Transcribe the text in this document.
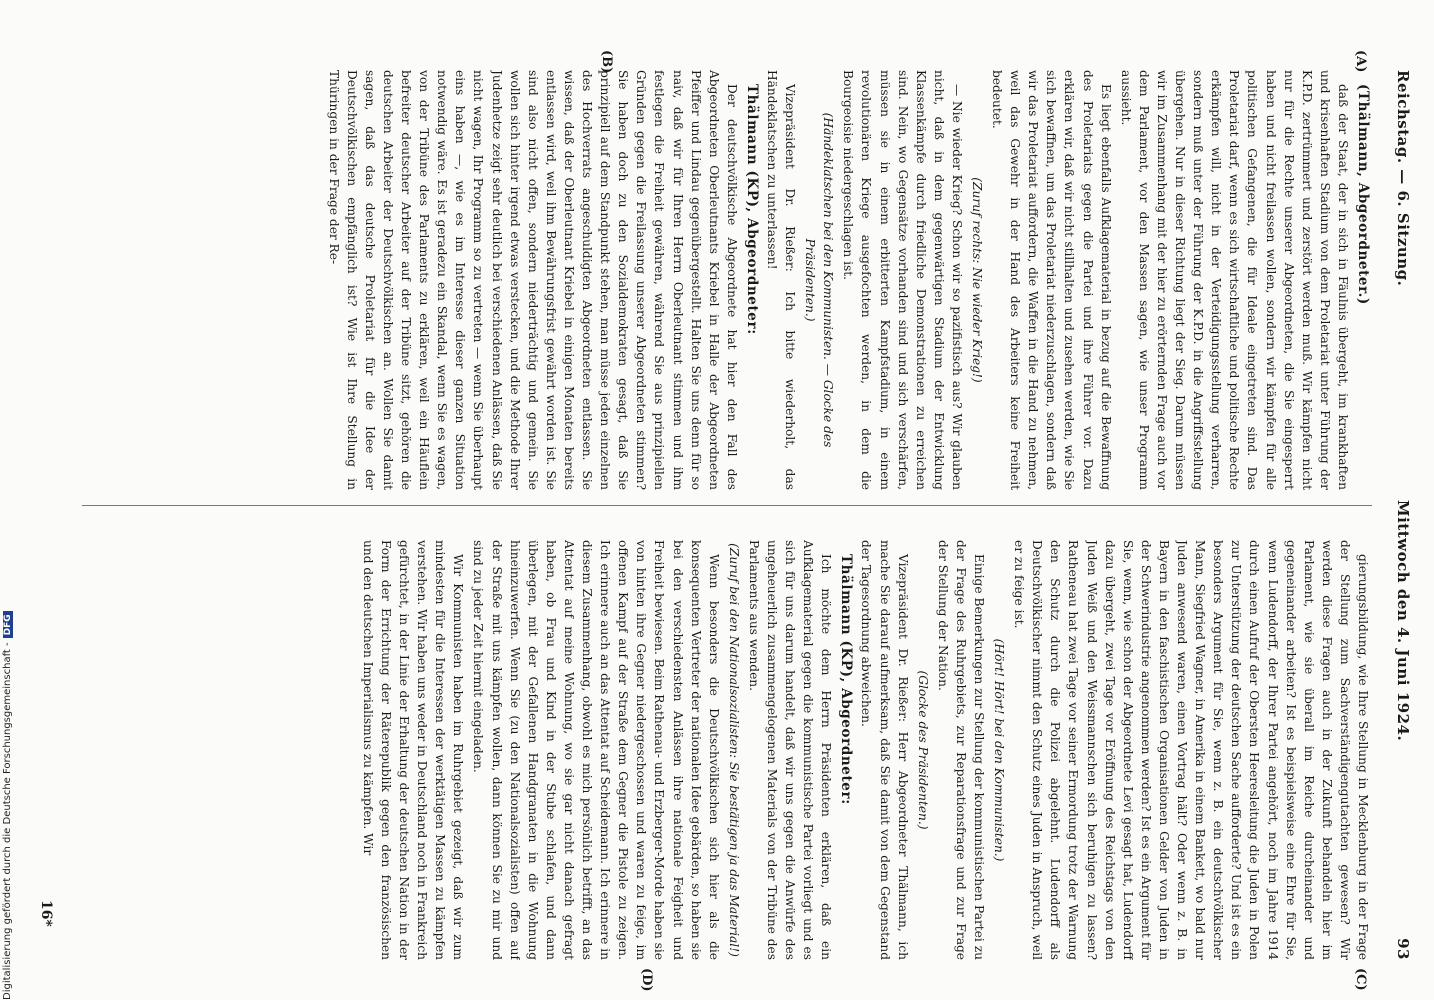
Reichstag. — 6. Sitzung.
Mittwoch den 4. Juni 1924.
93
(A)
(B)
(C)
(D)

(Thälmann, Abgeordneter.)

daß der Staat, der in sich in Fäulnis übergeht, im krankhaften und krisenhaften Stadium von dem Proletariat unter Führung der K.P.D. zertrümmert und zerstört werden muß. Wir kämpfen nicht nur für die Rechte unserer Abgeordneten, die Sie eingesperrt haben und nicht freilassen wollen, sondern wir kämpfen für alle politischen Gefangenen, die für Ideale eingetreten sind. Das Proletariat darf, wenn es sich wirtschaftliche und politische Rechte erkämpfen will, nicht in der Verteidigungsstellung verharren, sondern muß unter der Führung der K.P.D. in die Angriffsstellung übergehen. Nur in dieser Richtung liegt der Sieg. Darum müssen wir im Zusammenhang mit der hier zu erörternden Frage auch vor dem Parlament, vor den Massen sagen, wie unser Programm aussieht.

Es liegt ebenfalls Aufklagematerial in bezug auf die Bewaffnung des Proletariats gegen die Partei und ihre Führer vor. Dazu erklären wir, daß wir nicht stillhalten und zusehen werden, wie Sie sich bewaffnen, um das Proletariat niederzuschlagen, sondern daß wir das Proletariat auffordern, die Waffen in die Hand zu nehmen, weil das Gewehr in der Hand des Arbeiters keine Freiheit bedeutet.

(Zuruf rechts: Nie wieder Krieg!)

— Nie wieder Krieg? Schon wir so pazifistisch aus? Wir glauben nicht, daß in dem gegenwärtigen Stadium der Entwicklung Klassenkämpfe durch friedliche Demonstrationen zu erreichen sind. Nein, wo Gegensätze vorhanden sind und sich verschärfen, müssen sie in einem erbitterten Kampfstadium, in einem revolutionären Kriege ausgefochten werden, in dem die Bourgeoisie niedergeschlagen ist.

(Händeklatschen bei den Kommunisten. — Glocke des Präsidenten.)

Vizepräsident Dr. Rießer: Ich bitte wiederholt, das Händeklatschen zu unterlassen!

Thälmann (KP), Abgeordneter:

Der deutschvölkische Abgeordnete hat hier den Fall des Abgeordneten Oberleutnants Kriebel in Halle der Abgeordneten Pfeiffer und Lindau gegenübergestellt. Halten Sie uns denn für so naiv, daß wir für Ihren Herrn Oberleutnant stimmen und ihm festlegen die Freiheit gewähren, während Sie aus prinzipiellen Gründen gegen die Freilassung unserer Abgeordneten stimmen? Sie haben doch zu den Sozialdemokraten gesagt, daß Sie prinzipiell auf dem Standpunkt stehen, man müsse jeden einzelnen des Hochverrats angeschuldigten Abgeordneten entlassen. Sie wissen, daß der Oberleutnant Kriebel in einigen Monaten bereits entlassen wird, weil ihm Bewährungsfrist gewährt worden ist. Sie sind also nicht offen, sondern niederträchtig und gemein. Sie wollen sich hinter irgend etwas verstecken, und die Methode Ihrer Judenhetze zeigt sehr deutlich bei verschiedenen Anlässen, daß Sie nicht wagen, Ihr Programm so zu vertreten — wenn Sie überhaupt eins haben —, wie es im Interesse dieser ganzen Situation notwendig wäre. Es ist geradezu ein Skandal, wenn Sie es wagen, von der Tribüne des Parlaments zu erklären, weil ein Häuflein befreiter deutscher Arbeiter auf der Tribüne sitzt, gehören die deutschen Arbeiter der Deutschvölkischen an. Wollen Sie damit sagen, daß das deutsche Proletariat für die Idee der Deutschvölkischen empfänglich ist? Wie ist Ihre Stellung in Thüringen in der Frage der Re-

gierungsbildung, wie Ihre Stellung in Mecklenburg in der Frage der Stellung zum Sachverständigengutachten gewesen? Wir werden diese Fragen auch in der Zukunft behandeln hier im Parlament, wie sie überall im Reiche durcheinander und gegeneinander arbeiten? Ist es beispielsweise eine Ehre für Sie, wenn Ludendorff, der Ihrer Partei angehört, noch im Jahre 1914 durch einen Aufruf der Obersten Heeresleitung die Juden in Polen zur Unterstützung der deutschen Sache aufforderte? Und ist es ein besonders Argument für Sie, wenn z. B. ein deutschvölkischer Mann, Siegfried Wagner, in Amerika in einem Bankett, wo bald nur Juden anwesend waren, einen Vortrag hält? Oder wenn z. B. in Bayern in den faschistischen Organisationen Gelder von Juden in der Schwerindustrie angenommen werden? Ist es ein Argument für Sie, wenn, wie schon der Abgeordnete Levi gesagt hat, Ludendorff dazu übergeht, zwei Tage vor Eröffnung des Reichstags von den Juden Weiß und den Weissmannschen sich beruhigen zu lassen? Ratheneau hat zwei Tage vor seiner Ermordung trotz der Warnung den Schutz durch die Polizei abgelehnt. Ludendorff als Deutschvölkischer nimmt den Schutz eines Juden in Anspruch, weil er zu feige ist.

(Hört! Hört! bei den Kommunisten.)

Einige Bemerkungen zur Stellung der kommunistischen Partei zu der Frage des Ruhrgebiets, zur Reparationsfrage und zur Frage der Stellung der Nation.

(Glocke des Präsidenten.)

Vizepräsident Dr. Rießer: Herr Abgeordneter Thälmann, ich mache Sie darauf aufmerksam, daß Sie damit von dem Gegenstand der Tagesordnung abweichen.

Thälmann (KP), Abgeordneter:

Ich möchte dem Herrn Präsidenten erklären, daß ein Aufklagematerial gegen die kommunistische Partei vorliegt und es sich für uns darum handelt, daß wir uns gegen die Anwürfe des ungeheuerlich zusammengelogenen Materials von der Tribüne des Parlaments aus wenden.

(Zuruf bei den Nationalsozialisten: Sie bestätigen ja das Material!)

Wenn besonders die Deutschvölkischen sich hier als die konsequenten Vertreter der nationalen Idee gebärden, so haben sie bei den verschiedensten Anlässen ihre nationale Feigheit und Freiheit bewiesen. Beim Rathenau- und Erzberger-Morde haben sie von hinten ihre Gegner niedergeschossen und waren zu feige, im offenen Kampf auf der Straße dem Gegner die Pistole zu zeigen. Ich erinnere auch an das Attentat auf Scheidemann. Ich erinnere in diesem Zusammenhang, obwohl es mich persönlich betrifft, an das Attentat auf meine Wohnung, wo sie gar nicht danach gefragt haben, ob Frau und Kind in der Stube schlafen, und dann überlegen, mit der Gefallenen Handgranaten in die Wohnung hineinzuwerfen. Wenn Sie (zu den Nationalsozialisten) offen auf der Straße mit uns kämpfen wollen, dann können Sie zu mir und sind zu jeder Zeit hiermit eingeladen.

Wir Kommunisten haben im Ruhrgebiet gezeigt, daß wir zum mindesten für die Interessen der werktätigen Massen zu kämpfen verstehen. Wir haben uns weder in Deutschland noch in Frankreich gefürchtet, in der Linie der Erhaltung der deutschen Nation in der Form der Errichtung der Räterepublik gegen den französischen und den deutschen Imperialismus zu kämpfen. Wir

16*
Digitalisierung gefördert durch die Deutsche Forschungsgemeinschaft -DFG
